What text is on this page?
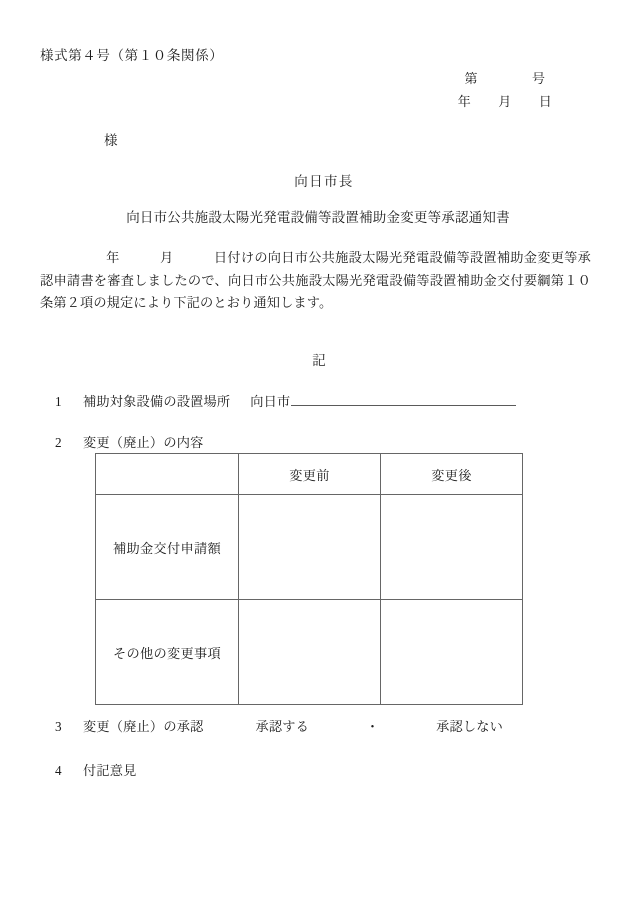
様式第４号（第１０条関係）
第　　　　号
年　　月　　日
様
向日市長
向日市公共施設太陽光発電設備等設置補助金変更等承認通知書
年　　　月　　　日付けの向日市公共施設太陽光発電設備等設置補助金変更等承認申請書を審査しましたので、向日市公共施設太陽光発電設備等設置補助金交付要綱第１０条第２項の規定により下記のとおり通知します。
記
1	補助対象設備の設置場所 向日市
2	変更（廃止）の内容
	変更前	変更後
補助金交付申請額		
その他の変更事項		
3	変更（廃止）の承認	承認する	・	承認しない
4	付記意見
